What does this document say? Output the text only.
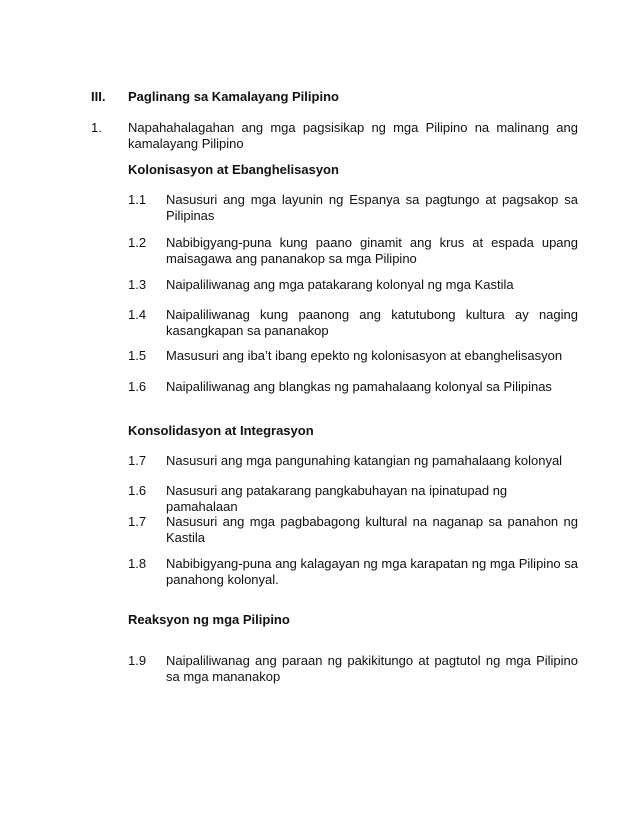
III. Paglinang sa Kamalayang Pilipino
1. Napahahalagahan ang mga pagsisikap ng mga Pilipino na malinang ang kamalayang Pilipino
Kolonisasyon at Ebanghelisasyon
1.1	Nasusuri ang mga layunin ng Espanya sa pagtungo at pagsakop sa Pilipinas
1.2	Nabibigyang-puna kung paano ginamit ang krus at espada upang maisagawa ang pananakop sa mga Pilipino
1.3	Naipaliliwanag ang mga patakarang kolonyal ng mga Kastila
1.4	Naipaliliwanag kung paanong ang katutubong kultura ay naging kasangkapan sa pananakop
1.5	Masusuri ang iba’t ibang epekto ng kolonisasyon at ebanghelisasyon
1.6	Naipaliliwanag ang blangkas ng pamahalaang kolonyal sa Pilipinas
Konsolidasyon at Integrasyon
1.7	Nasusuri ang mga pangunahing katangian ng pamahalaang kolonyal
1.6	Nasusuri ang patakarang pangkabuhayan na ipinatupad ng pamahalaan
1.7	Nasusuri ang mga pagbabagong kultural na naganap sa panahon ng Kastila
1.8	Nabibigyang-puna ang kalagayan ng mga karapatan ng mga Pilipino sa panahong kolonyal.
Reaksyon ng mga Pilipino
1.9	Naipaliliwanag ang paraan ng pakikitungo at pagtutol ng mga Pilipino sa mga mananakop
